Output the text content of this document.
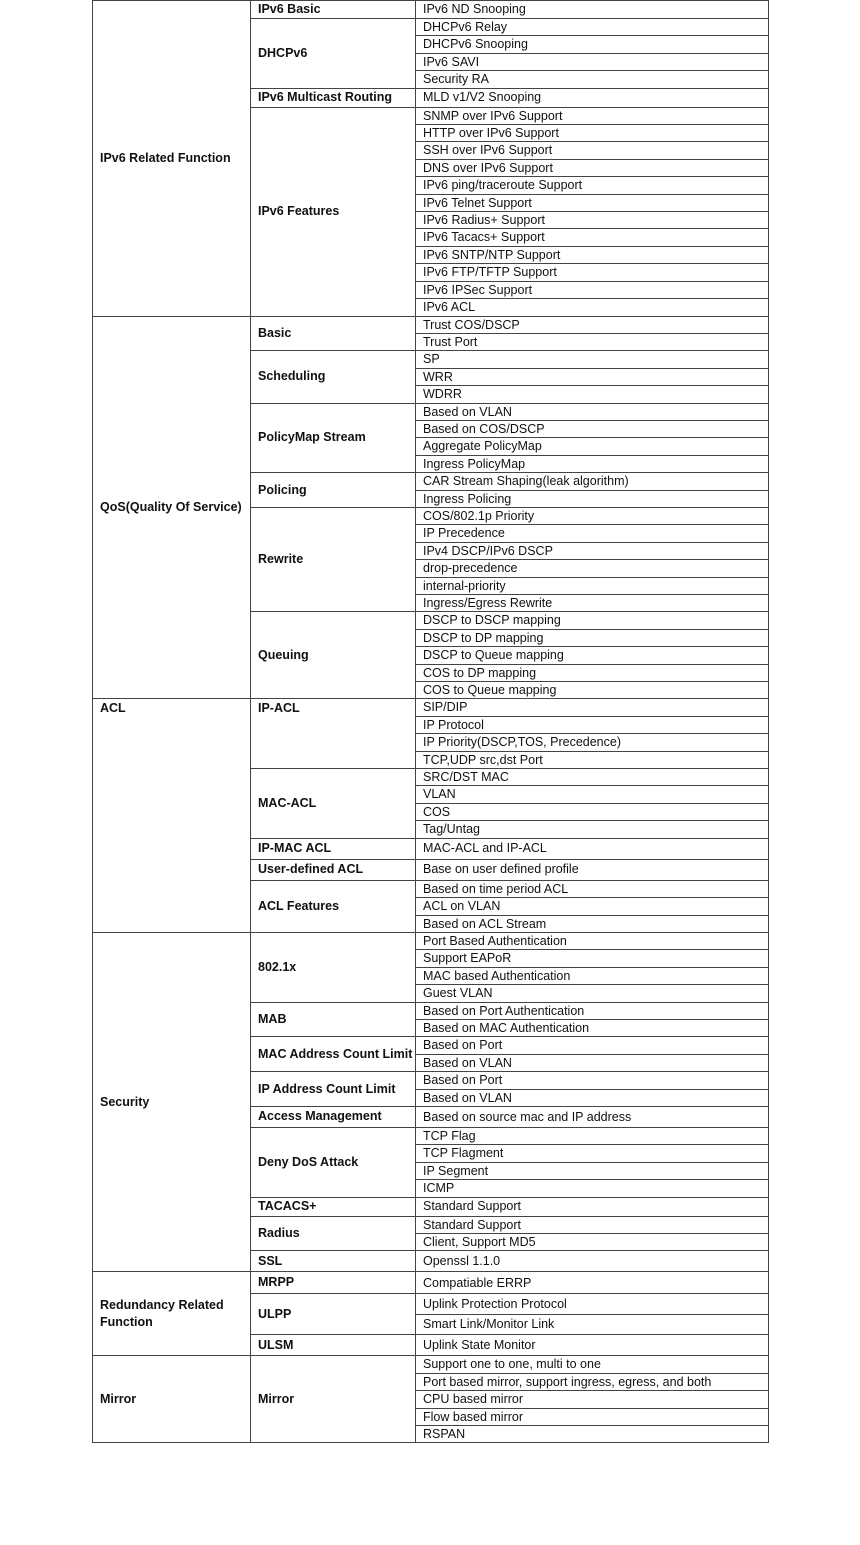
IPv6 Related Function	IPv6 Basic	IPv6 ND Snooping
	DHCPv6	DHCPv6 Relay
		DHCPv6 Snooping
		IPv6 SAVI
		Security RA
	IPv6 Multicast Routing	MLD v1/V2 Snooping
	IPv6 Features	SNMP over IPv6 Support
		HTTP over IPv6 Support
		SSH over IPv6 Support
		DNS over IPv6 Support
		IPv6 ping/traceroute Support
		IPv6 Telnet Support
		IPv6 Radius+ Support
		IPv6 Tacacs+ Support
		IPv6 SNTP/NTP Support
		IPv6 FTP/TFTP Support
		IPv6 IPSec Support
		IPv6 ACL
QoS(Quality Of Service)	Basic	Trust COS/DSCP
		Trust Port
	Scheduling	SP
		WRR
		WDRR
	PolicyMap Stream	Based on VLAN
		Based on COS/DSCP
		Aggregate PolicyMap
		Ingress PolicyMap
	Policing	CAR Stream Shaping(leak algorithm)
		Ingress Policing
	Rewrite	COS/802.1p Priority
		IP Precedence
		IPv4 DSCP/IPv6 DSCP
		drop-precedence
		internal-priority
		Ingress/Egress Rewrite
	Queuing	DSCP to DSCP mapping
		DSCP to DP mapping
		DSCP to Queue mapping
		COS to DP mapping
		COS to Queue mapping
ACL	IP-ACL	SIP/DIP
		IP Protocol
		IP Priority(DSCP,TOS, Precedence)
		TCP,UDP src,dst Port
	MAC-ACL	SRC/DST MAC
		VLAN
		COS
		Tag/Untag
	IP-MAC ACL	MAC-ACL and IP-ACL
	User-defined ACL	Base on user defined profile
	ACL Features	Based on time period ACL
		ACL on VLAN
		Based on ACL Stream
Security	802.1x	Port Based Authentication
		Support EAPoR
		MAC based Authentication
		Guest VLAN
	MAB	Based on Port Authentication
		Based on MAC Authentication
	MAC Address Count Limit	Based on Port
		Based on VLAN
	IP Address Count Limit	Based on Port
		Based on VLAN
	Access Management	Based on source mac and IP address
	Deny DoS Attack	TCP Flag
		TCP Flagment
		IP Segment
		ICMP
	TACACS+	Standard Support
	Radius	Standard Support
		Client, Support MD5
	SSL	Openssl 1.1.0
Redundancy Related Function	MRPP	Compatiable ERRP
	ULPP	Uplink Protection Protocol
		Smart Link/Monitor Link
	ULSM	Uplink State Monitor
Mirror	Mirror	Support one to one, multi to one
		Port based mirror, support ingress, egress, and both
		CPU based mirror
		Flow based mirror
		RSPAN
